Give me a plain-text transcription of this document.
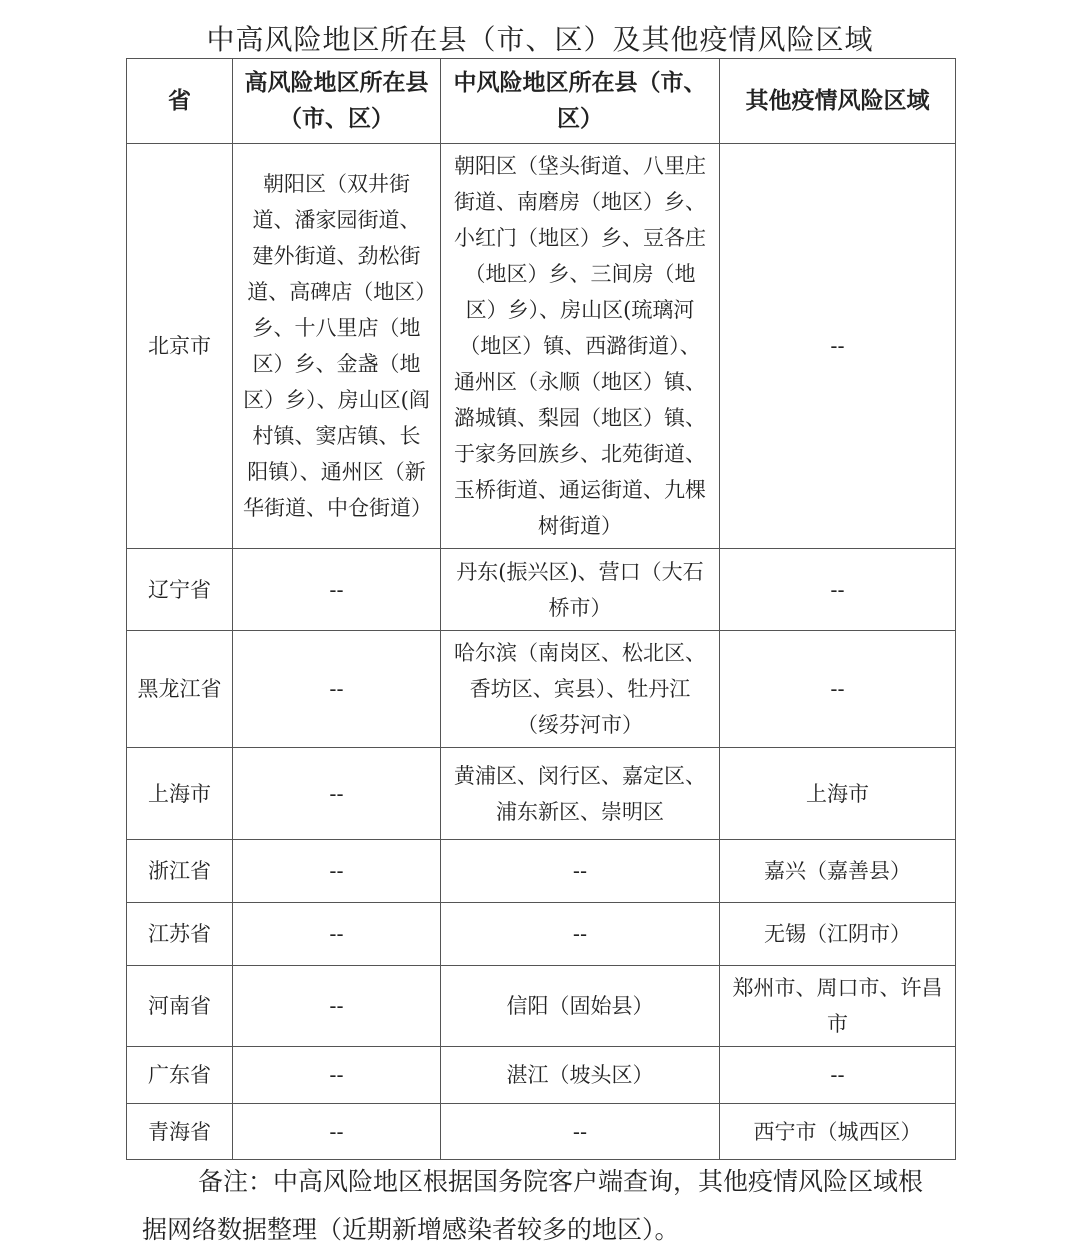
中高风险地区所在县（市、区）及其他疫情风险区域
省	高风险地区所在县（市、区）	中风险地区所在县（市、区）	其他疫情风险区域
北京市	朝阳区（双井街道、潘家园街道、建外街道、劲松街道、高碑店（地区）乡、十八里店（地区）乡、金盏（地区）乡）、房山区(阎村镇、窦店镇、长阳镇）、通州区（新华街道、中仓街道）	朝阳区（垡头街道、八里庄街道、南磨房（地区）乡、小红门（地区）乡、豆各庄（地区）乡、三间房（地区）乡）、房山区(琉璃河（地区）镇、西潞街道）、通州区（永顺（地区）镇、潞城镇、梨园（地区）镇、于家务回族乡、北苑街道、玉桥街道、通运街道、九棵树街道）	--
辽宁省	--	丹东(振兴区)、营口（大石桥市）	--
黑龙江省	--	哈尔滨（南岗区、松北区、香坊区、宾县）、牡丹江（绥芬河市）	--
上海市	--	黄浦区、闵行区、嘉定区、浦东新区、崇明区	上海市
浙江省	--	--	嘉兴（嘉善县）
江苏省	--	--	无锡（江阴市）
河南省	--	信阳（固始县）	郑州市、周口市、许昌市
广东省	--	湛江（坡头区）	--
青海省	--	--	西宁市（城西区）
备注：中高风险地区根据国务院客户端查询，其他疫情风险区域根据网络数据整理（近期新增感染者较多的地区）。
